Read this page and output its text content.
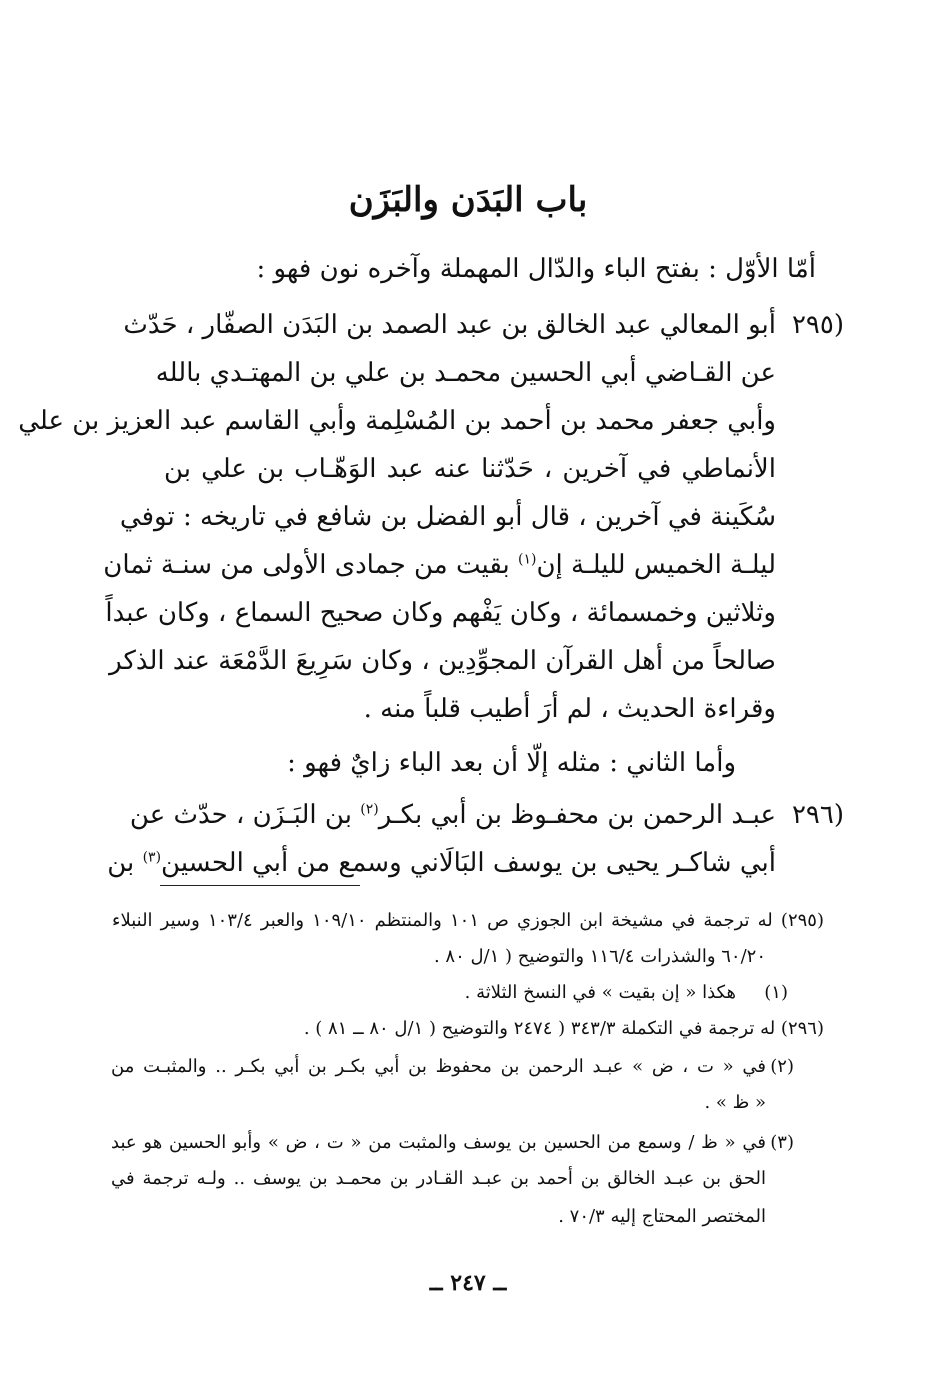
باب البَدَن والبَزَن
أمّا الأوّل : بفتح الباء والدّال المهملة وآخره نون فهو :
(٢٩٥
أبو المعالي عبد الخالق بن عبد الصمد بن البَدَن الصفّار ، حَدّث
عن القـاضي أبي الحسين محمـد بن علي بن المهتـدي بالله
وأبي جعفر محمد بن أحمد بن المُسْلِمة وأبي القاسم عبد العزيز بن علي
الأنماطي في آخرين ، حَدّثنا عنه عبد الوَهّـاب بن علي بن
سُكَينة في آخرين ، قال أبو الفضل بن شافع في تاريخه : توفي
ليلـة الخميس لليلـة إن$^{(١)}$ بقيت من جمادى الأولى من سنـة ثمان
وثلاثين وخمسمائة ، وكان يَفْهم وكان صحيح السماع ، وكان عبداً
صالحاً من أهل القرآن المجوِّدِين ، وكان سَرِيعَ الدَّمْعَة عند الذكر
وقراءة الحديث ، لم أرَ أطيب قلباً منه .
وأما الثاني : مثله إلّا أن بعد الباء زايٌ فهو :
(٢٩٦
عبـد الرحمن بن محفـوظ بن أبي بكـر$^{(٢)}$ بن البَـزَن ، حدّث عن
أبي شاكـر يحيى بن يوسف البَالَاني وسمع من أبي الحسين$^{(٣)}$ بن
(٢٩٥) له ترجمة في مشيخة ابن الجوزي ص ١٠١ والمنتظم ١٠٩/١٠ والعبر ١٠٣/٤ وسير النبلاء
٦٠/٢٠ والشذرات ١١٦/٤ والتوضيح ( ١/ل ٨٠ .
(١)
هكذا « إن بقيت » في النسخ الثلاثة .
(٢٩٦) له ترجمة في التكملة ٣٤٣/٣ ( ٢٤٧٤ والتوضيح ( ١/ل ٨٠ ــ ٨١ ) .
(٢)
في « ت ، ض » عبـد الرحمن بن محفوظ بن أبي بكـر بن أبي بكـر .. والمثبـت من
« ظ » .
(٣)
في « ظ / وسمع من الحسين بن يوسف والمثبت من « ت ، ض » وأبو الحسين هو عبد
الحق بن عبـد الخالق بن أحمد بن عبـد القـادر بن محمـد بن يوسف .. ولـه ترجمة في
المختصر المحتاج إليه ٧٠/٣ .
ــ ٢٤٧ ــ
